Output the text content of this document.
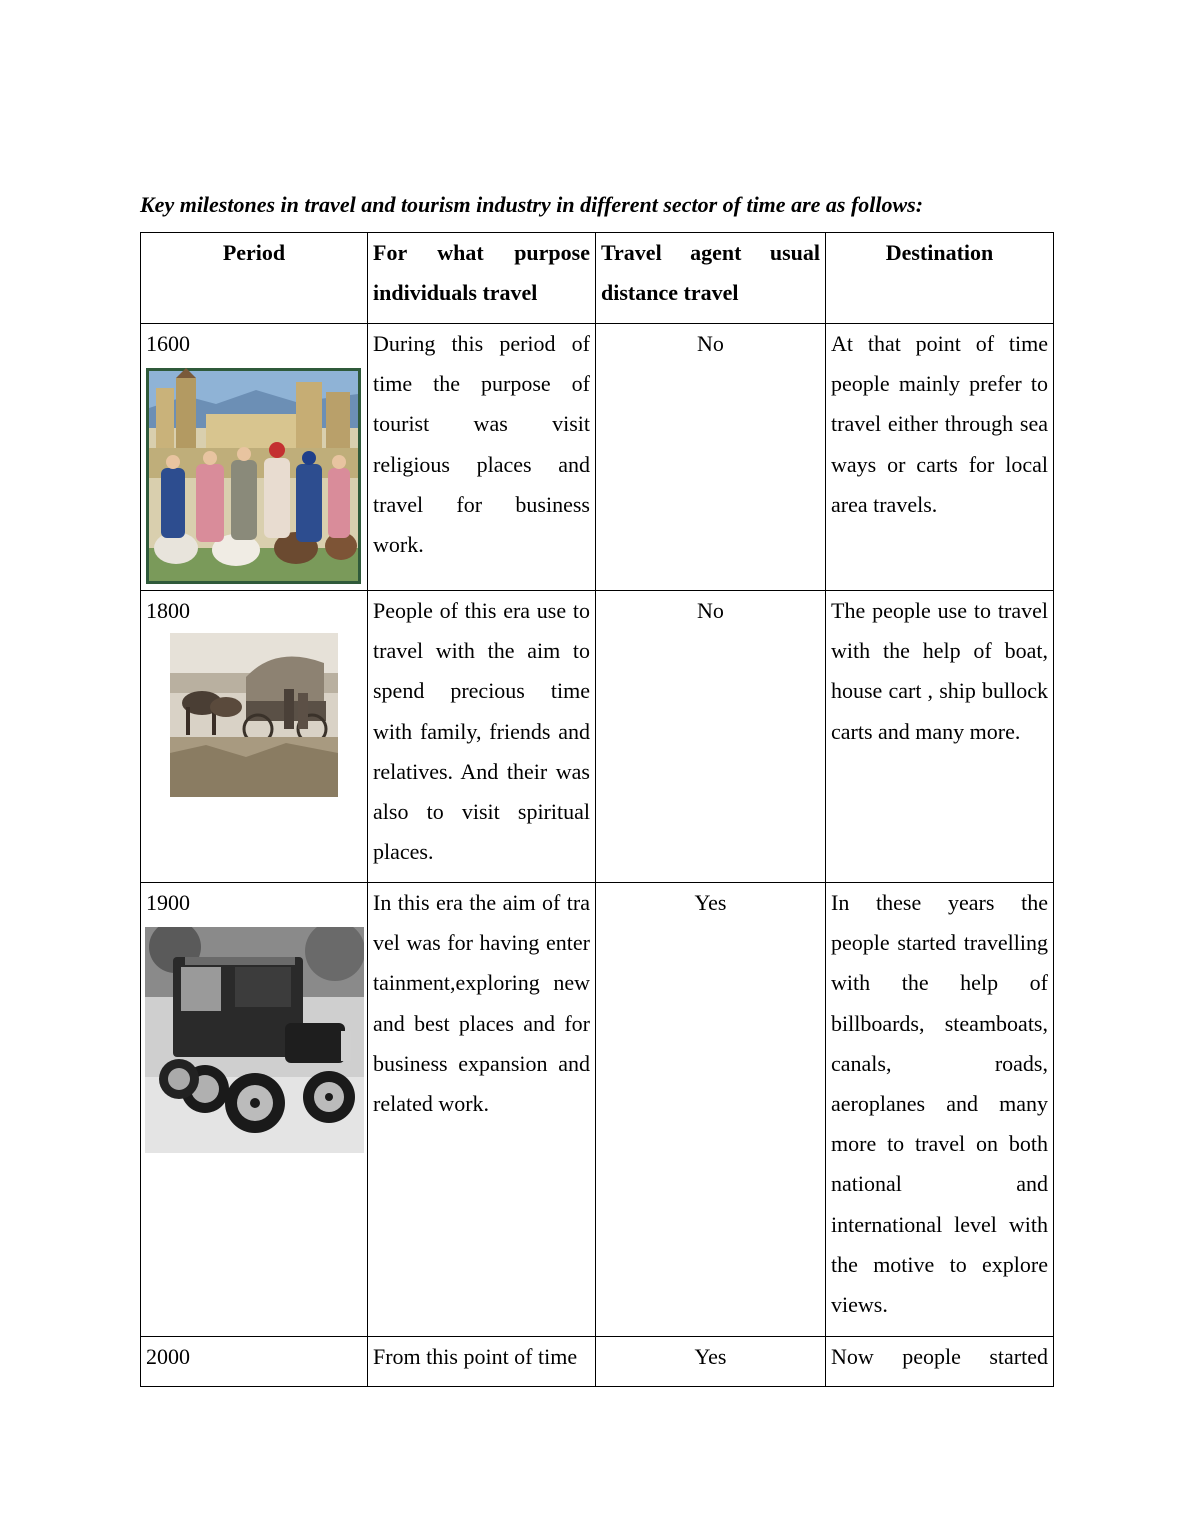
Key milestones in travel and tourism industry in different sector of time are as follows:
Period	For what purpose individuals travel	Travel agent usual distance travel	Destination

1600	During this period of time the purpose of tourist was visit religious places and travel for business work.	No	At that point of time people mainly prefer to travel either through sea ways or carts for local area travels.

1800	People of this era use to travel with the aim to spend precious time with family, friends and relatives. And their was also to visit spiritual places.	No	The people use to travel with the help of boat, house cart , ship bullock carts and many more.

1900	In this era the aim of travel was for having entertainment,exploring new and best places and for business expansion and related work.	Yes	In these years the people started travelling with the help of billboards, steamboats, canals, roads, aeroplanes and many more to travel on both national and international level with the motive to explore views.
2000	From this point of time	Yes	Now people started
